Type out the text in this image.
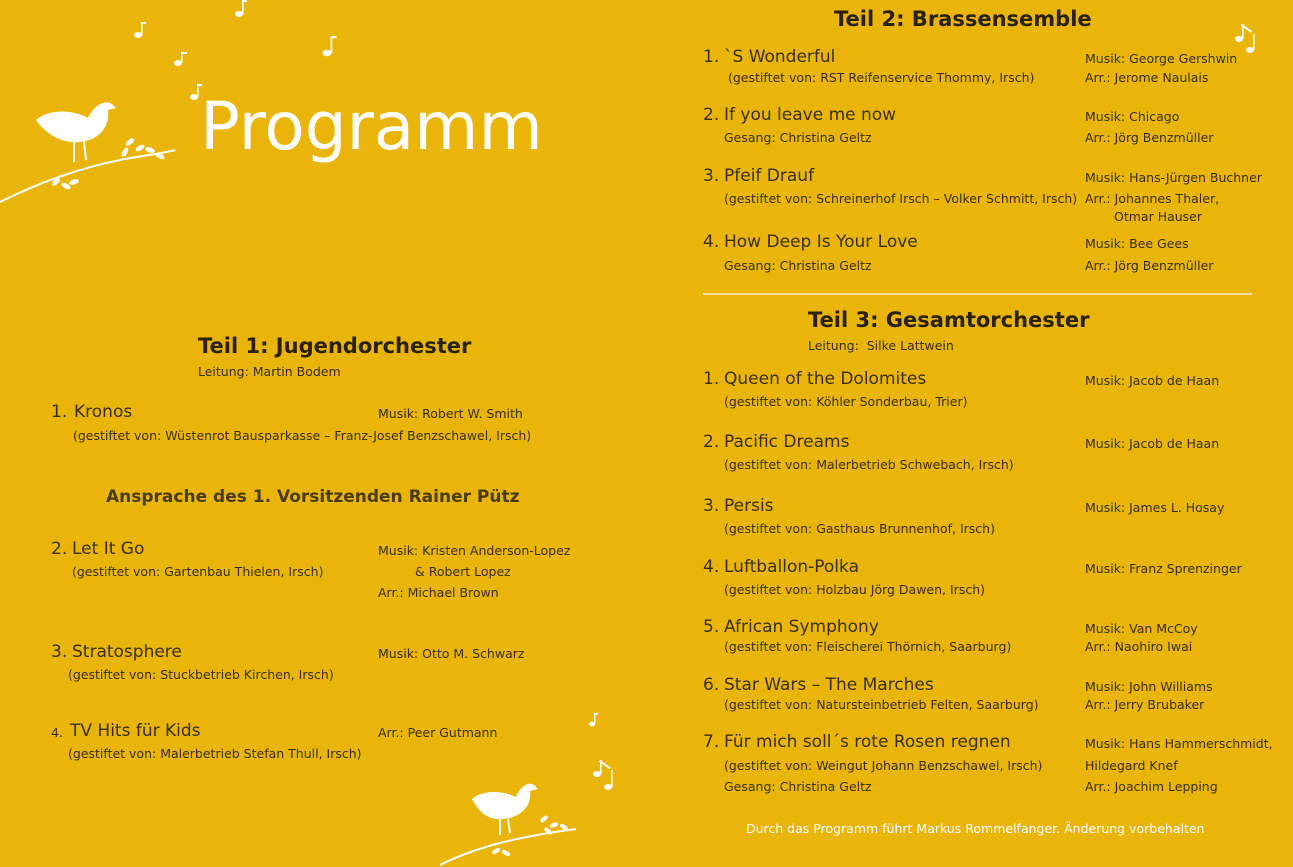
Programm
Teil 1: Jugendorchester
Leitung: Martin Bodem
1. Kronos
(gestiftet von: Wüstenrot Bausparkasse – Franz-Josef Benzschawel, Irsch)
Musik: Robert W. Smith
Ansprache des 1. Vorsitzenden Rainer Pütz
2. Let It Go
(gestiftet von: Gartenbau Thielen, Irsch)
Musik: Kristen Anderson-Lopez
& Robert Lopez
Arr.: Michael Brown
3. Stratosphere
(gestiftet von: Stuckbetrieb Kirchen, Irsch)
Musik: Otto M. Schwarz
4. TV Hits für Kids
(gestiftet von: Malerbetrieb Stefan Thull, Irsch)
Arr.: Peer Gutmann
Teil 2: Brassensemble
1. `S Wonderful
(gestiftet von: RST Reifenservice Thommy, Irsch)
Musik: George Gershwin
Arr.: Jerome Naulais
2. If you leave me now
Gesang: Christina Geltz
Musik: Chicago
Arr.: Jörg Benzmüller
3. Pfeif Drauf
(gestiftet von: Schreinerhof Irsch – Volker Schmitt, Irsch)
Musik: Hans-Jürgen Buchner
Arr.: Johannes Thaler,
Otmar Hauser
4. How Deep Is Your Love
Gesang: Christina Geltz
Musik: Bee Gees
Arr.: Jörg Benzmüller
Teil 3: Gesamtorchester
Leitung:  Silke Lattwein
1. Queen of the Dolomites
(gestiftet von: Köhler Sonderbau, Trier)
Musik: Jacob de Haan
2. Pacific Dreams
(gestiftet von: Malerbetrieb Schwebach, Irsch)
Musik: Jacob de Haan
3. Persis
(gestiftet von: Gasthaus Brunnenhof, Irsch)
Musik: James L. Hosay
4. Luftballon-Polka
(gestiftet von: Holzbau Jörg Dawen, Irsch)
Musik: Franz Sprenzinger
5. African Symphony
(gestiftet von: Fleischerei Thörnich, Saarburg)
Musik: Van McCoy
Arr.: Naohiro Iwai
6. Star Wars – The Marches
(gestiftet von: Natursteinbetrieb Felten, Saarburg)
Musik: John Williams
Arr.: Jerry Brubaker
7. Für mich soll´s rote Rosen regnen
(gestiftet von: Weingut Johann Benzschawel, Irsch)
Gesang: Christina Geltz
Musik: Hans Hammerschmidt,
Hildegard Knef
Arr.: Joachim Lepping
Durch das Programm führt Markus Rommelfanger. Änderung vorbehalten
